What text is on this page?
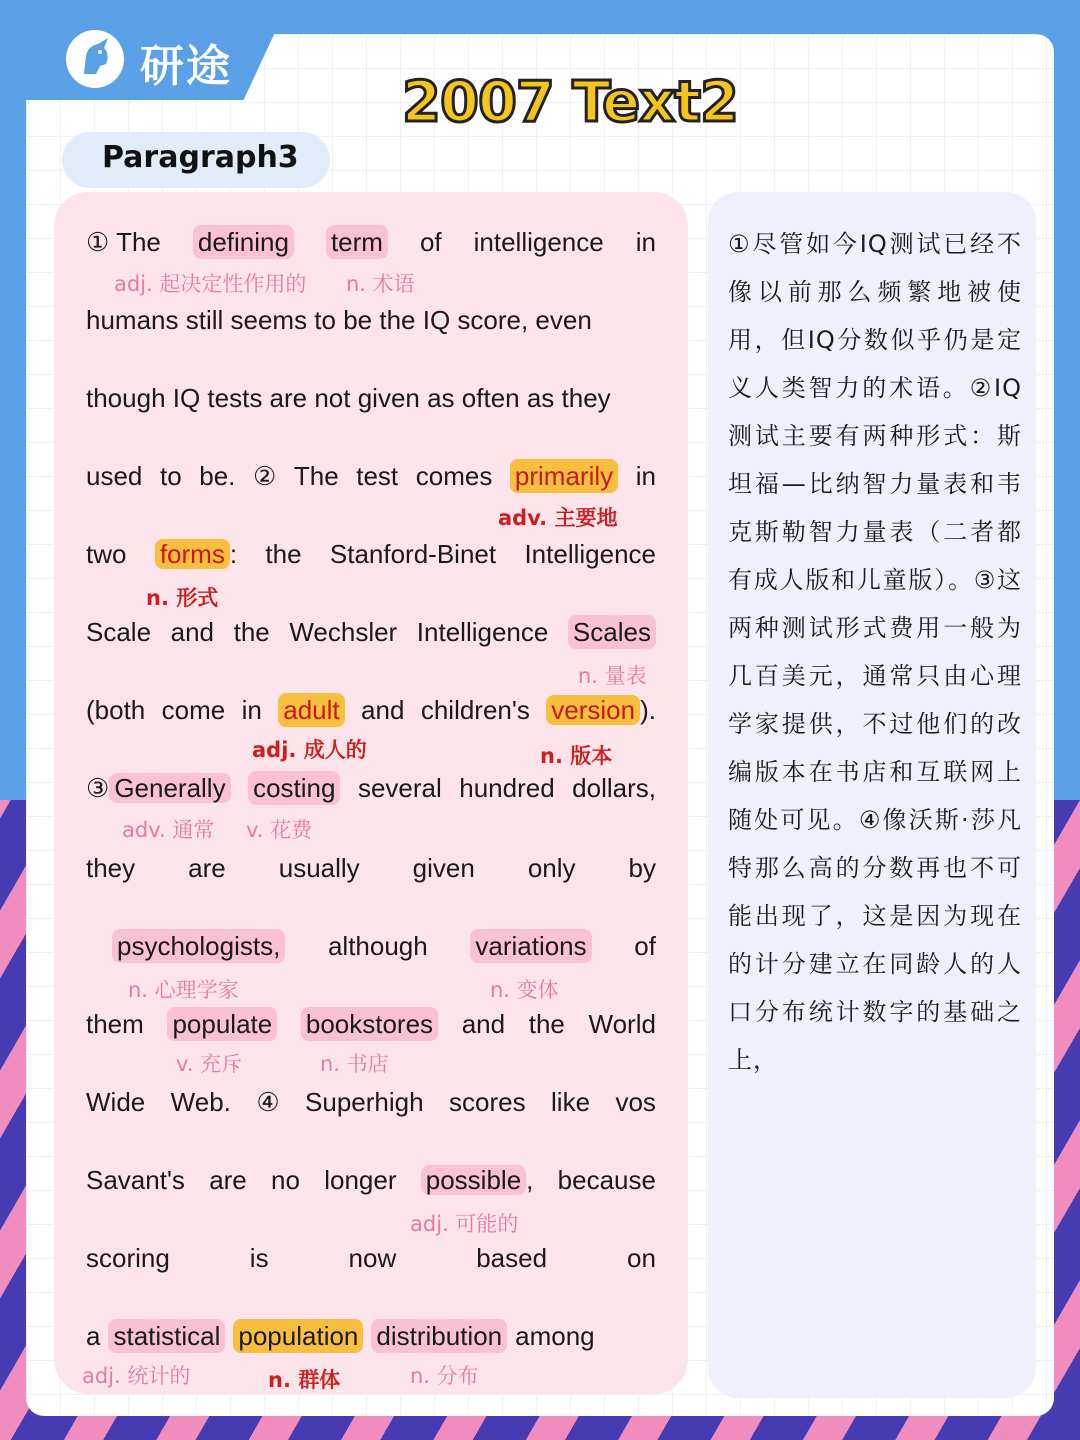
研途
2007 Text2
Paragraph3
① The defining term of intelligence in
adj. 起决定性作用的 n. 术语
humans still seems to be the IQ score, even
though IQ tests are not given as often as they
used to be. ② The test comes primarily in
adv. 主要地
two forms : the Stanford-Binet Intelligence
n. 形式
Scale and the Wechsler Intelligence Scales
n. 量表
(both come in adult and children's version ).
adj. 成人的	n. 版本
③ Generally costing several hundred dollars,
adv. 通常 v. 花费
they are usually given only by
psychologists, although variations of
n. 心理学家	n. 变体
them populate bookstores and the World
v. 充斥	n. 书店
Wide Web. ④ Superhigh scores like vos
Savant's are no longer possible , because
adj. 可能的
scoring	is	now	based	on
a statistical population distribution among
adj. 统计的	n. 群体	n. 分布
①尽管如今IQ测试已经不像以前那么频繁地被使用，但IQ分数似乎仍是定义人类智力的术语。②IQ测试主要有两种形式：斯坦福—比纳智力量表和韦克斯勒智力量表（二者都有成人版和儿童版）。③这两种测试形式费用一般为几百美元，通常只由心理学家提供，不过他们的改编版本在书店和互联网上随处可见。④像沃斯·莎凡特那么高的分数再也不可能出现了，这是因为现在的计分建立在同龄人的人口分布统计数字的基础之上，
